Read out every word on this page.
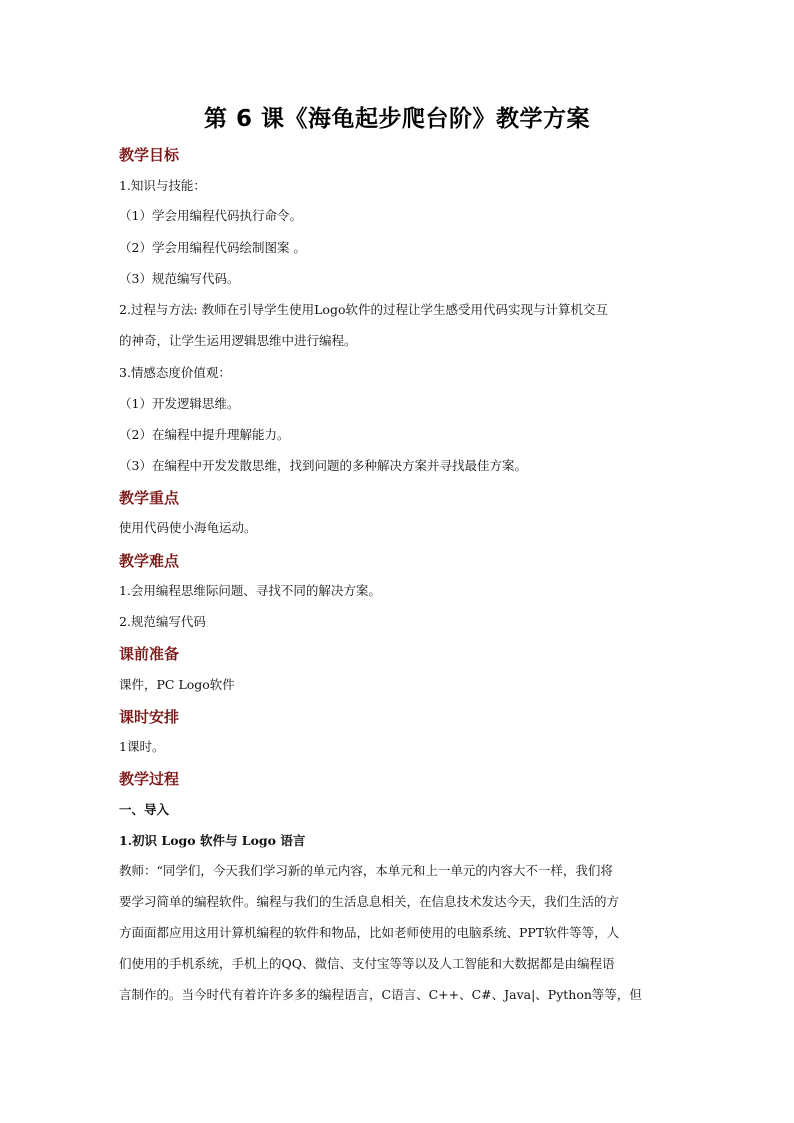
第 6 课《海龟起步爬台阶》教学方案
教学目标
1.知识与技能：
（1）学会用编程代码执行命令。
（2）学会用编程代码绘制图案 。
（3）规范编写代码。
2.过程与方法: 教师在引导学生使用Logo软件的过程让学生感受用代码实现与计算机交互
的神奇，让学生运用逻辑思维中进行编程。
3.情感态度价值观：
（1）开发逻辑思维。
（2）在编程中提升理解能力。
（3）在编程中开发发散思维，找到问题的多种解决方案并寻找最佳方案。
教学重点
使用代码使小海龟运动。
教学难点
1.会用编程思维际问题、寻找不同的解决方案。
2.规范编写代码
课前准备
课件，PC Logo软件
课时安排
1课时。
教学过程
一、导入
1.初识 Logo 软件与 Logo 语言
教师：“同学们，今天我们学习新的单元内容，本单元和上一单元的内容大不一样，我们将
要学习简单的编程软件。编程与我们的生活息息相关，在信息技术发达今天，我们生活的方
方面面都应用这用计算机编程的软件和物品，比如老师使用的电脑系统、PPT软件等等，人
们使用的手机系统，手机上的QQ、微信、支付宝等等以及人工智能和大数据都是由编程语
言制作的。当今时代有着许许多多的编程语言，C语言、C++、C#、Java|、Python等等，但
